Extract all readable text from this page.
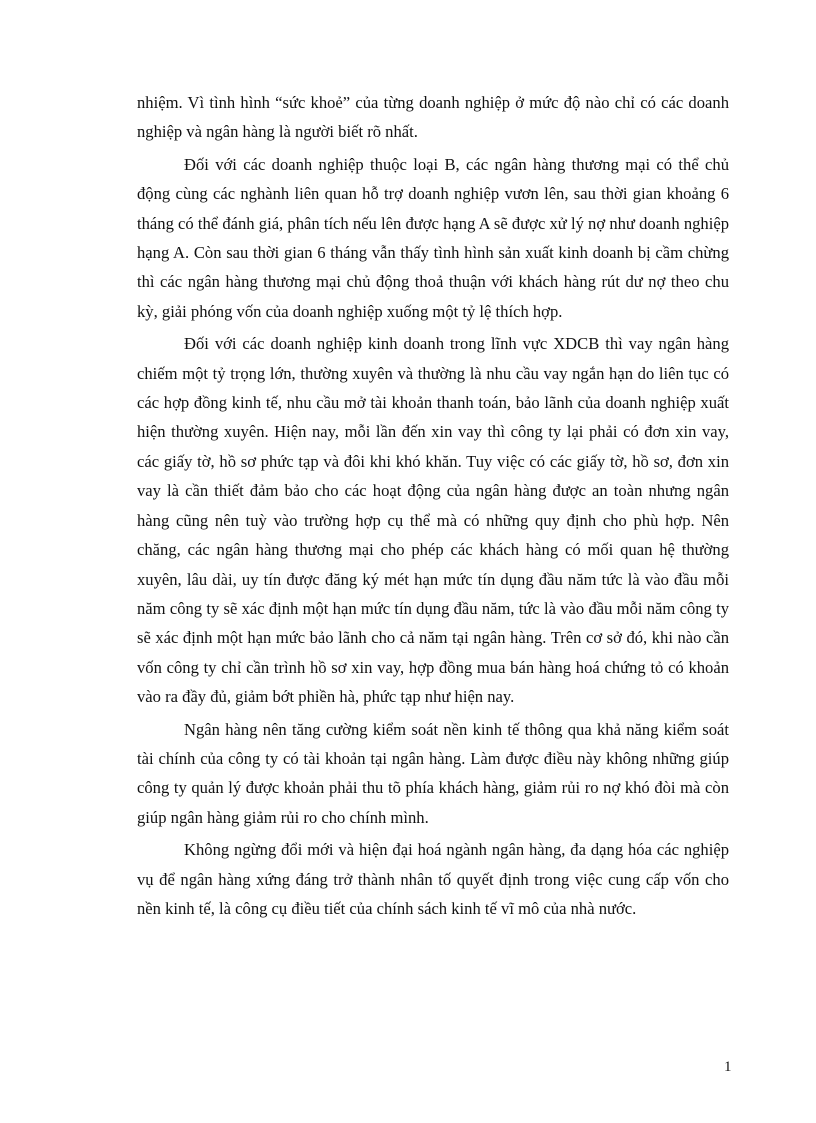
nhiệm. Vì tình hình “sức khoẻ” của từng doanh nghiệp ở mức độ nào chỉ có các doanh nghiệp và ngân hàng là người biết rõ nhất.

Đối với các doanh nghiệp thuộc loại B, các ngân hàng thương mại có thể chủ động cùng các nghành liên quan hỗ trợ doanh nghiệp vươn lên, sau thời gian khoảng 6 tháng có thể đánh giá, phân tích nếu lên được hạng A sẽ được xử lý nợ như doanh nghiệp hạng A. Còn sau thời gian 6 tháng vẫn thấy tình hình sản xuất kinh doanh bị cầm chừng thì các ngân hàng thương mại chủ động thoả thuận với khách hàng rút dư nợ theo chu kỳ, giải phóng vốn của doanh nghiệp xuống một tỷ lệ thích hợp.

Đối với các doanh nghiệp kinh doanh trong lĩnh vực XDCB thì vay ngân hàng chiếm một tỷ trọng lớn, thường xuyên và thường là nhu cầu vay ngắn hạn do liên tục có các hợp đồng kinh tế, nhu cầu mở tài khoản thanh toán, bảo lãnh của doanh nghiệp xuất hiện thường xuyên. Hiện nay, mỗi lần đến xin vay thì công ty lại phải có đơn xin vay, các giấy tờ, hồ sơ phức tạp và đôi khi khó khăn. Tuy việc có các giấy tờ, hồ sơ, đơn xin vay là cần thiết đảm bảo cho các hoạt động của ngân hàng được an toàn nhưng ngân hàng cũng nên tuỳ vào trường hợp cụ thể mà có những quy định cho phù hợp. Nên chăng, các ngân hàng thương mại cho phép các khách hàng có mối quan hệ thường xuyên, lâu dài, uy tín được đăng ký mét hạn mức tín dụng đầu năm tức là vào đầu mỗi năm công ty sẽ xác định một hạn mức tín dụng đầu năm, tức là vào đầu mỗi năm công ty sẽ xác định một hạn mức bảo lãnh cho cả năm tại ngân hàng. Trên cơ sở đó, khi nào cần vốn công ty chỉ cần trình hồ sơ xin vay, hợp đồng mua bán hàng hoá chứng tỏ có khoản vào ra đầy đủ, giảm bớt phiền hà, phức tạp như hiện nay.

Ngân hàng nên tăng cường kiểm soát nền kinh tế thông qua khả năng kiểm soát tài chính của công ty có tài khoản tại ngân hàng. Làm được điều này không những giúp công ty quản lý được khoản phải thu tõ phía khách hàng, giảm rủi ro nợ khó đòi mà còn giúp ngân hàng giảm rủi ro cho chính mình.

Không ngừng đổi mới và hiện đại hoá ngành ngân hàng, đa dạng hóa các nghiệp vụ để ngân hàng xứng đáng trở thành nhân tố quyết định trong việc cung cấp vốn cho nền kinh tế, là công cụ điều tiết của chính sách kinh tế vĩ mô của nhà nước.

1
